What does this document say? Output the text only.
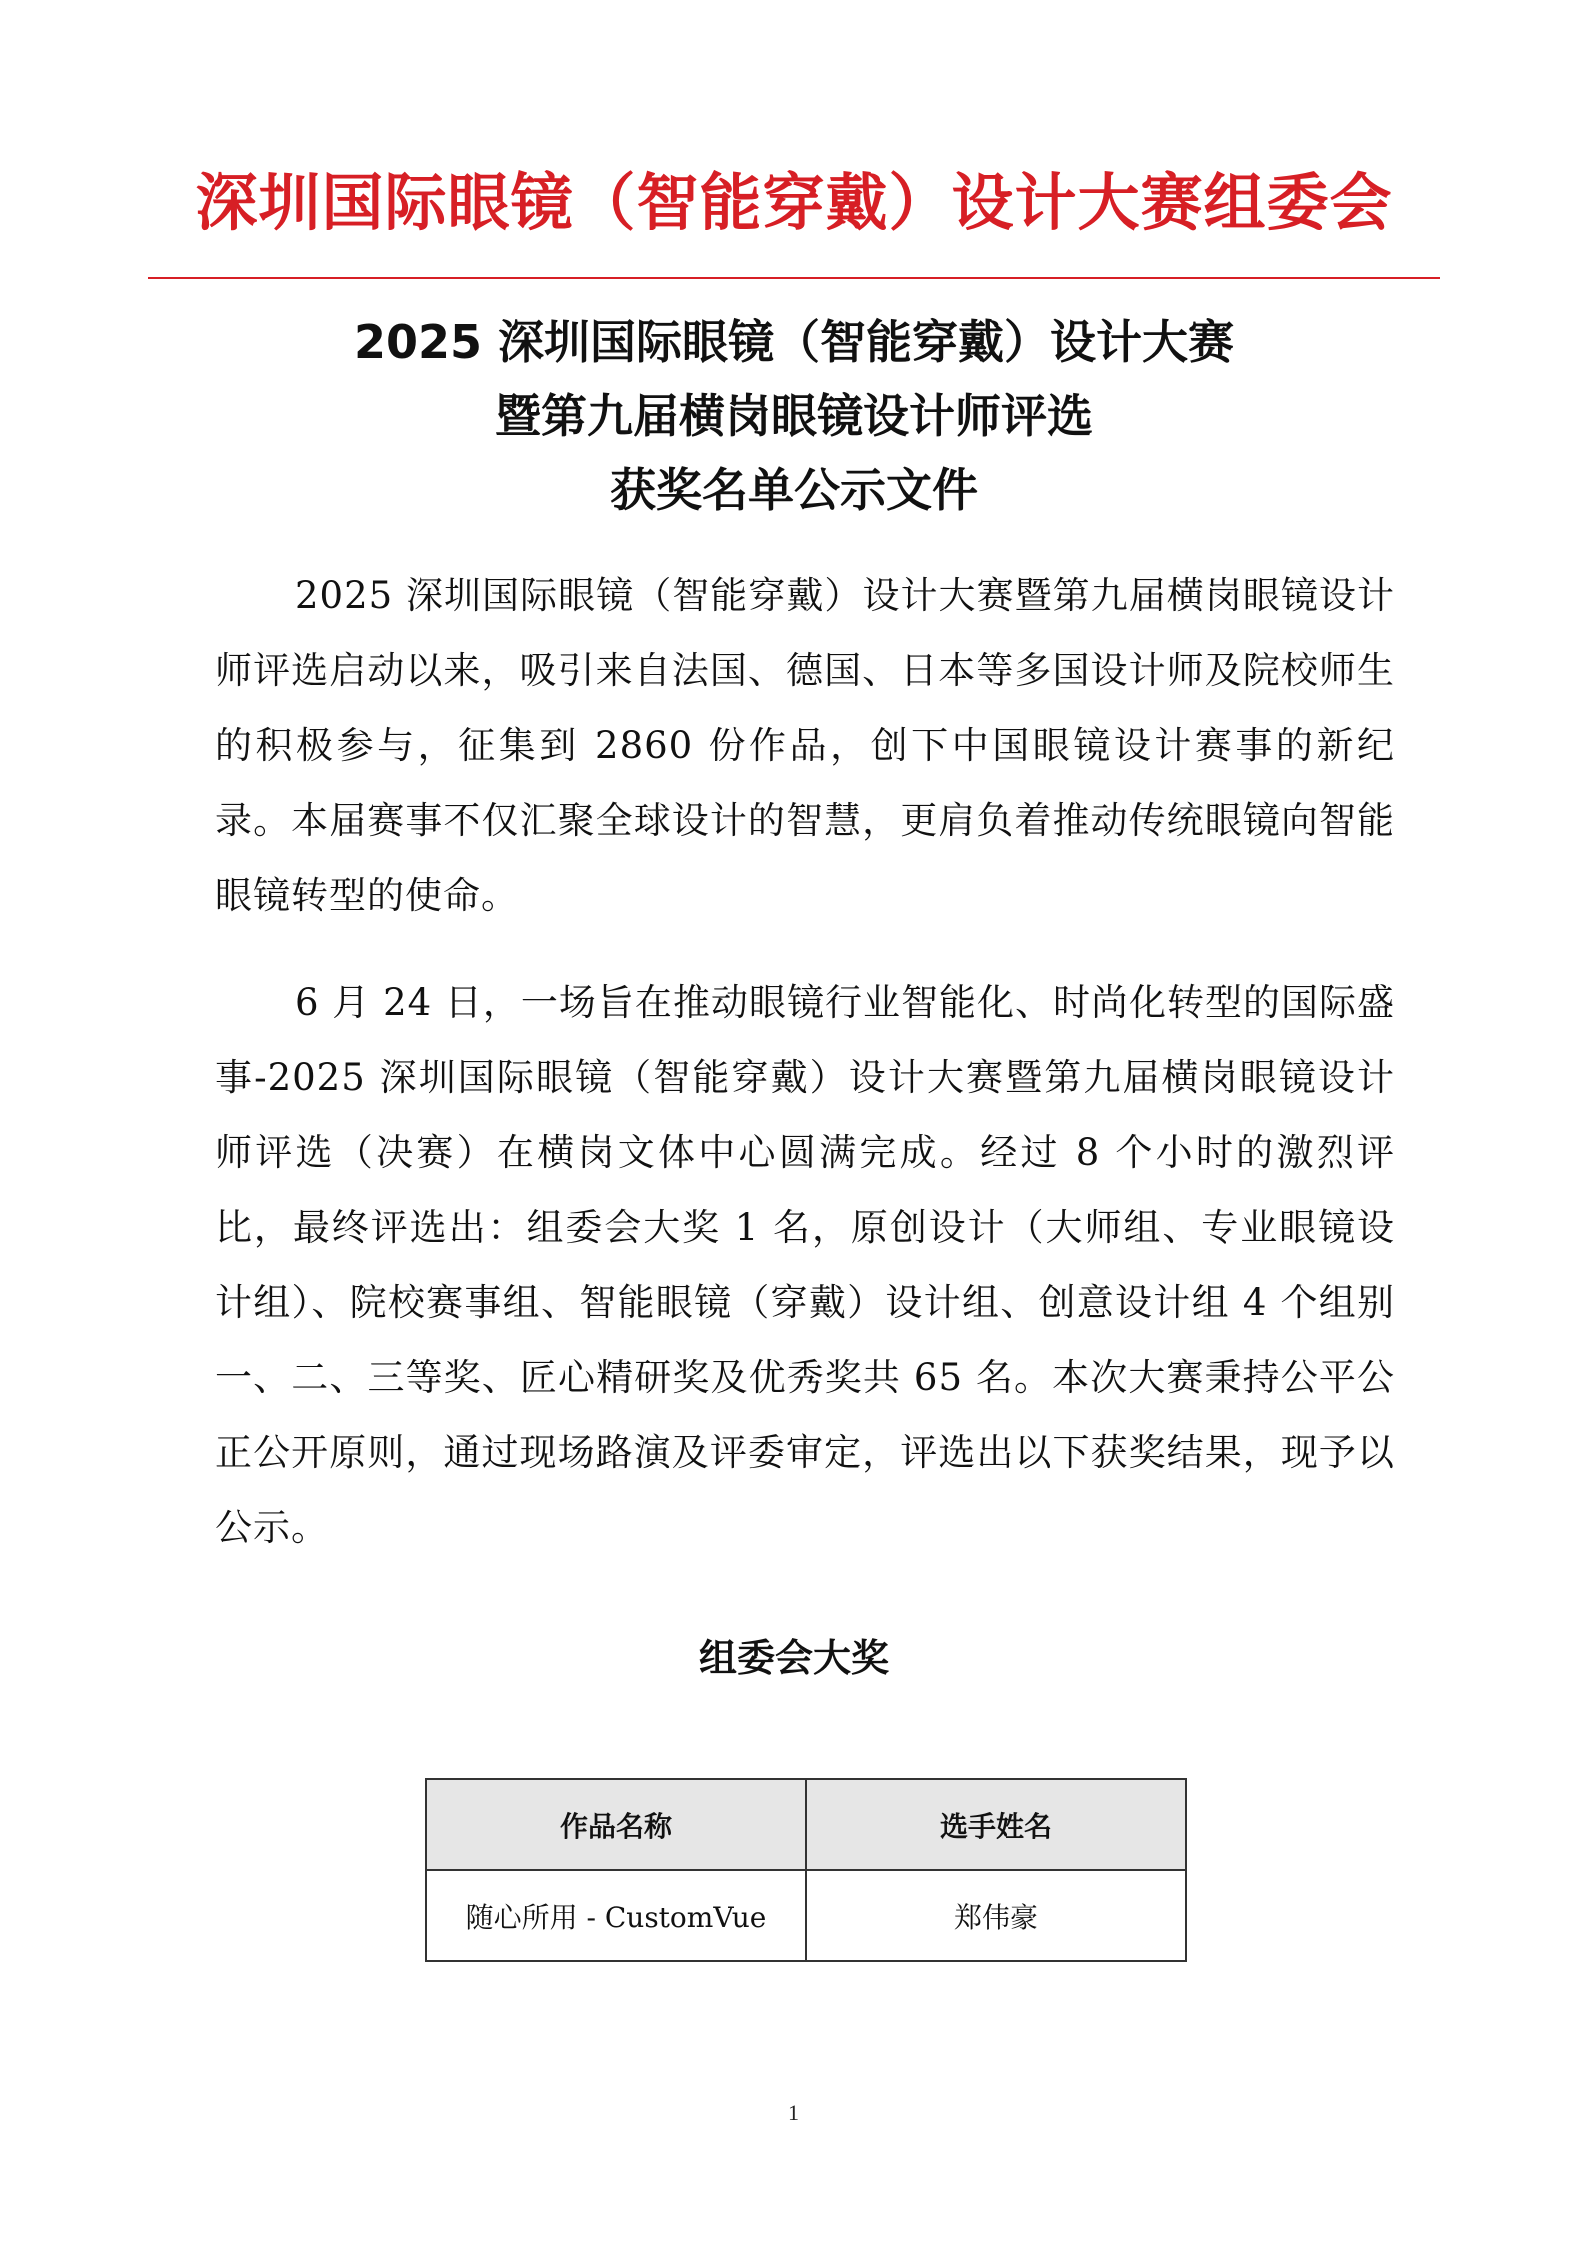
深圳国际眼镜（智能穿戴）设计大赛组委会
2025 深圳国际眼镜（智能穿戴）设计大赛
暨第九届横岗眼镜设计师评选
获奖名单公示文件

2025 深圳国际眼镜（智能穿戴）设计大赛暨第九届横岗眼镜设计师评选启动以来，吸引来自法国、德国、日本等多国设计师及院校师生的积极参与，征集到 2860 份作品，创下中国眼镜设计赛事的新纪录。本届赛事不仅汇聚全球设计的智慧，更肩负着推动传统眼镜向智能眼镜转型的使命。

6 月 24 日，一场旨在推动眼镜行业智能化、时尚化转型的国际盛事-2025 深圳国际眼镜（智能穿戴）设计大赛暨第九届横岗眼镜设计师评选（决赛）在横岗文体中心圆满完成。经过 8 个小时的激烈评比，最终评选出：组委会大奖 1 名，原创设计（大师组、专业眼镜设计组）、院校赛事组、智能眼镜（穿戴）设计组、创意设计组 4 个组别一、二、三等奖、匠心精研奖及优秀奖共 65 名。本次大赛秉持公平公正公开原则，通过现场路演及评委审定，评选出以下获奖结果，现予以公示。

组委会大奖
作品名称	选手姓名
随心所用 - CustomVue	郑伟豪
1
